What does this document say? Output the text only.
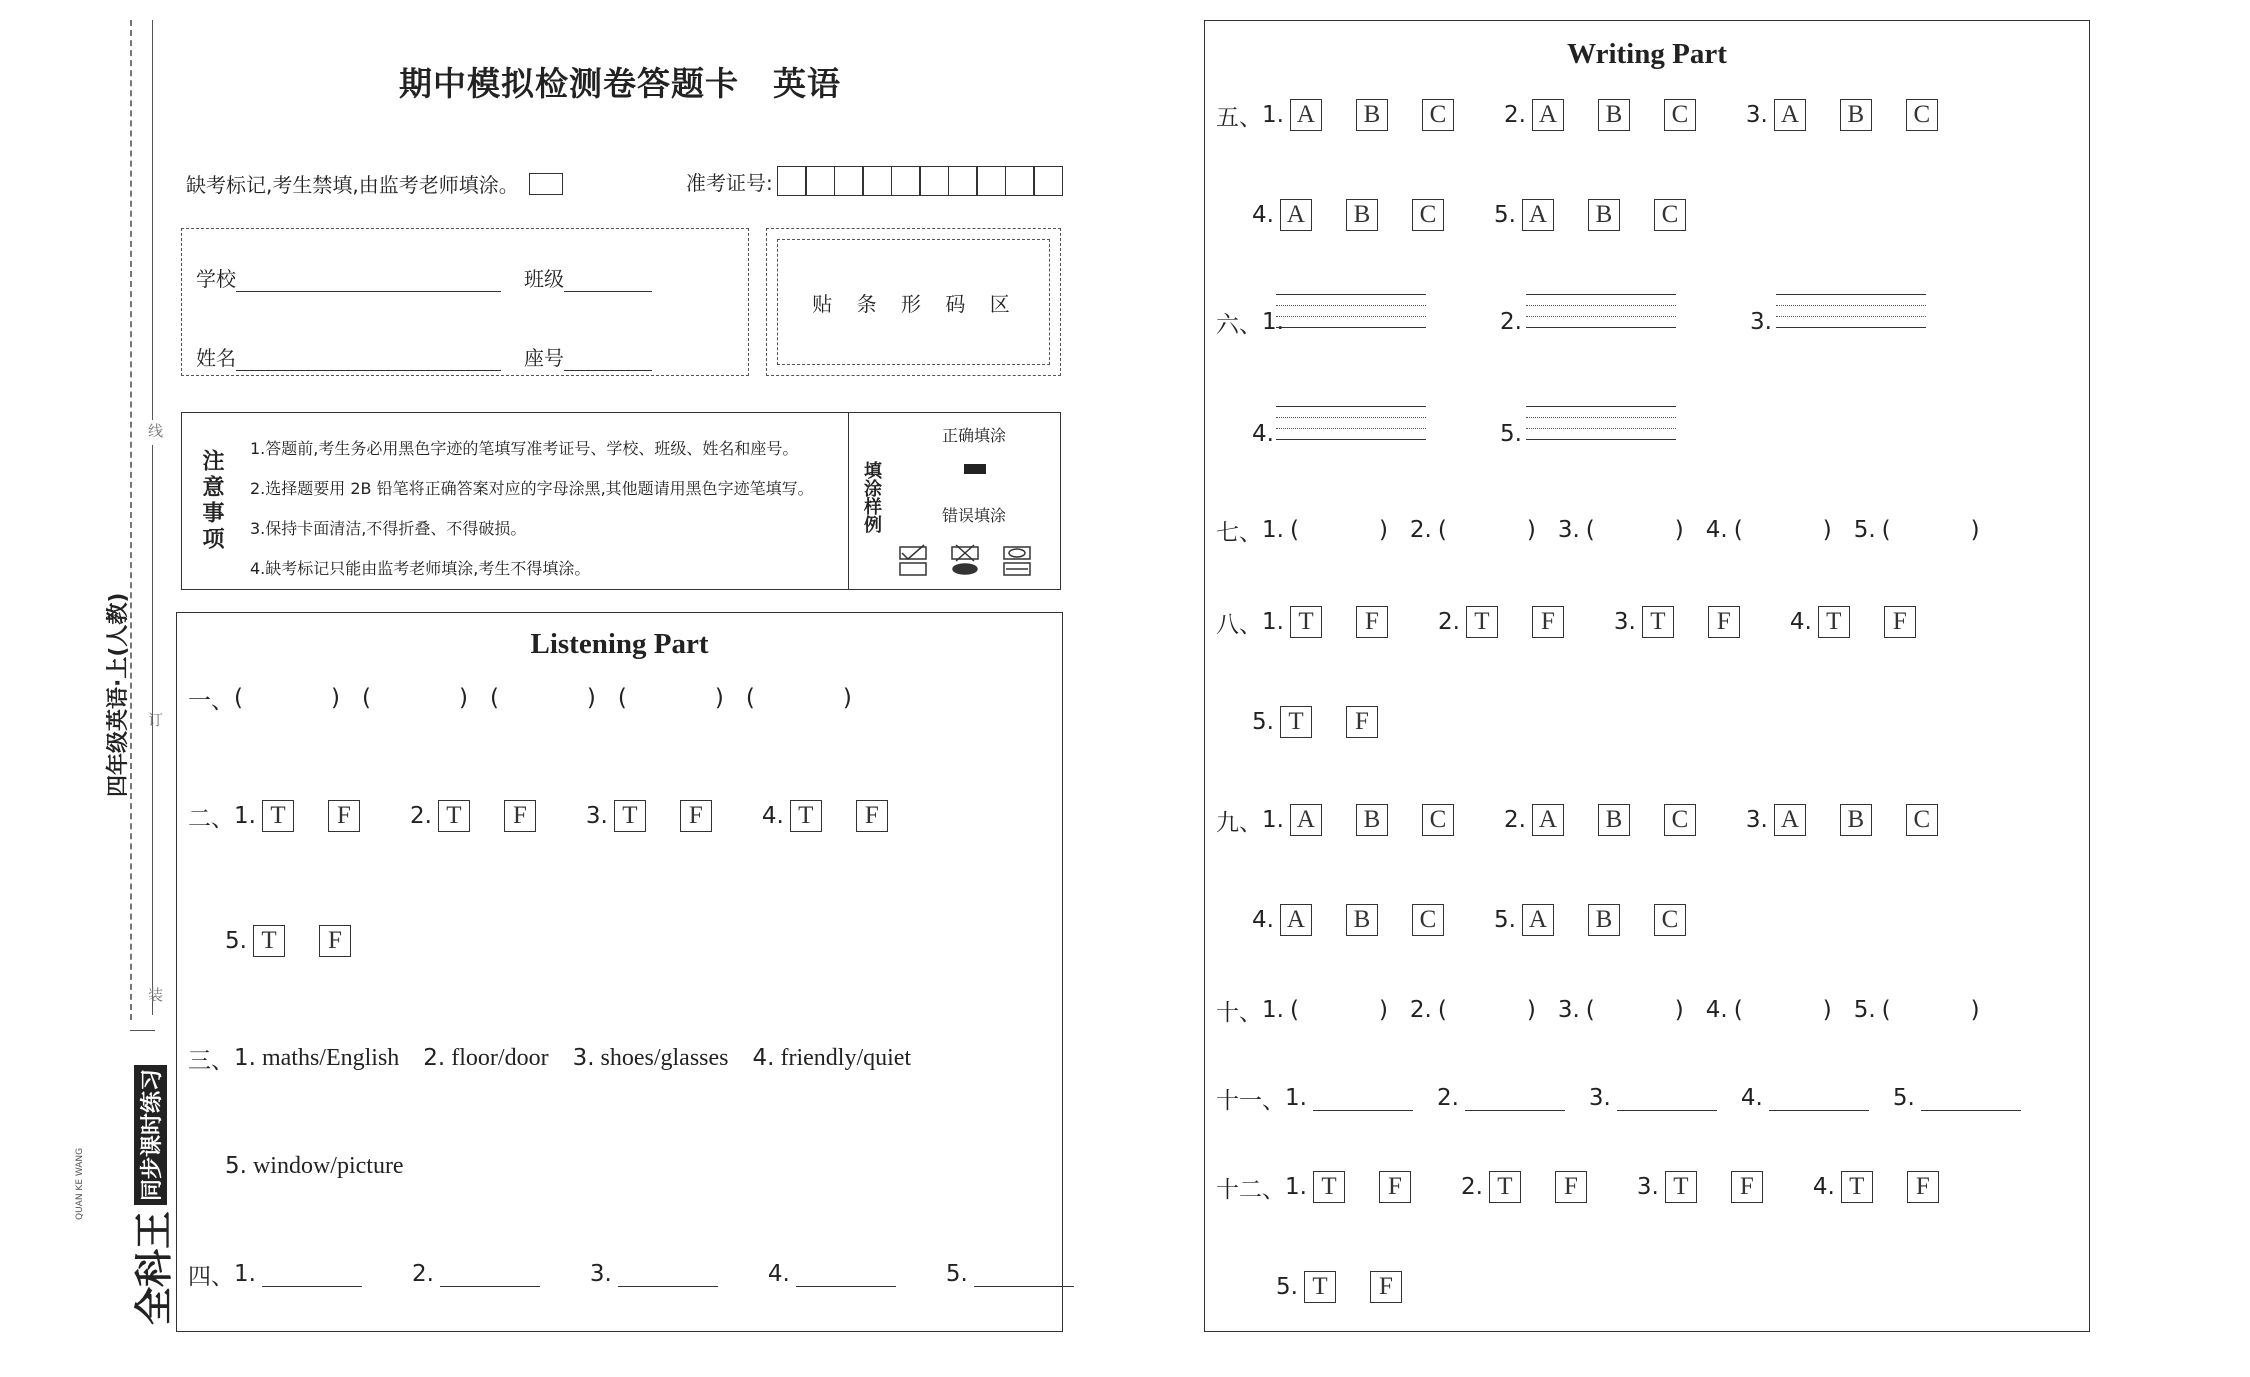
线
订
装
四年级英语·上(人教)
全科王
同步课时练习
QUAN KE WANG
期中模拟检测卷答题卡　英语
缺考标记,考生禁填,由监考老师填涂。	准考证号:
学校	班级
姓名	座号
贴 条 形 码 区
注意事项
1.答题前,考生务必用黑色字迹的笔填写准考证号、学校、班级、姓名和座号。
2.选择题要用 2B 铅笔将正确答案对应的字母涂黑,其他题请用黑色字迹笔填写。
3.保持卡面清洁,不得折叠、不得破损。
4.缺考标记只能由监考老师填涂,考生不得填涂。
填涂样例
正确填涂
错误填涂
Listening Part
一、 (	) (	) (	) (	) (	)
二、 1. T	F	2. T	F	3. T	F	4. T	F
5. T	F
三、 1. maths/English 2. floor/door 3. shoes/glasses 4. friendly/quiet
5. window/picture
四、 1.	2.	3.	4.	5.
Writing Part
五、 1. A	B	C	2. A	B	C	3. A	B	C
4. A	B	C	5. A	B	C
六、 1.	2.	3.
4.	5.
七、 1. (	) 2. (	) 3. (	) 4. (	) 5. (	)
八、 1. T	F	2. T	F	3. T	F	4. T	F
5. T	F
九、 1. A	B	C	2. A	B	C	3. A	B	C
4. A	B	C	5. A	B	C
十、 1. (	) 2. (	) 3. (	) 4. (	) 5. (	)
十一、 1.	2.	3.	4.	5.
十二、 1. T	F	2. T	F	3. T	F	4. T	F
5. T	F
